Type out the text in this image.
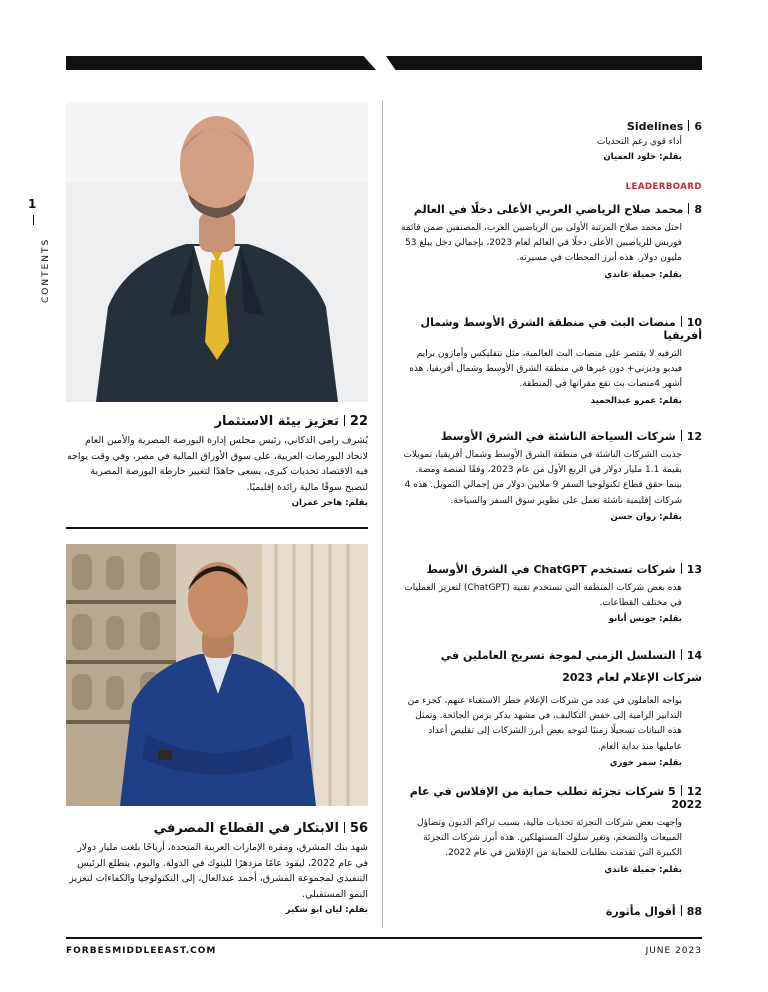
1
CONTENTS
22تعزيز بيئة الاستثمار

يُشرف رامي الدكاني، رئيس مجلس إدارة البورصة المصرية والأمين العام لاتحاد البورصات العربية، على سوق الأوراق المالية في مصر، وفي وقت يواجه فيه الاقتصاد تحديات كبرى، يسعى جاهدًا لتغيير خارطة البورصة المصرية لتصبح سوقًا مالية رائدة إقليميًا.

بقلم: هاجر عمران
56الابتكار في القطاع المصرفي

شهد بنك المشرق، ومقره الإمارات العربية المتحدة، أرباحًا بلغت مليار دولار في عام 2022، ليقود عامًا مزدهرًا للبنوك في الدولة. واليوم، يتطلع الرئيس التنفيذي لمجموعة المشرق، أحمد عبدالعال، إلى التكنولوجيا والكفاءات لتعزيز النمو المستقبلي.

بقلم: ليان ابو شكير
6Sidelines

أداء قوي رغم التحديات

بقلم: خلود العميان
LEADERBOARD
8محمد صلاح الرياضي العربي الأعلى دخلًا في العالم

احتل محمد صلاح المرتبة الأولى بين الرياضيين العرب، المصنفين ضمن قائمة فوربس للرياضيين الأعلى دخلًا في العالم لعام 2023، بإجمالي دخل يبلغ 53 مليون دولار. هذه أبرز المحطات في مسيرته.

بقلم: جميلة غاندي
10منصات البث في منطقة الشرق الأوسط وشمال أفريقيا

الترفيه لا يقتصر على منصات البث العالمية، مثل نتفليكس وأمازون برايم فيديو وديزني+ دون غيرها في منطقة الشرق الأوسط وشمال أفريقيا. هذه أشهر 4منصات بث تقع مقراتها في المنطقة.

بقلم: عمرو عبدالحميد
12شركات السياحة الناشئة في الشرق الأوسط

جذبت الشركات الناشئة في منطقة الشرق الأوسط وشمال أفريقيا، تمويلات بقيمة 1.1 مليار دولار في الربع الأول من عام 2023، وفقًا لمنصة ومضة. بينما حقق قطاع تكنولوجيا السفر 9 ملايين دولار من إجمالي التمويل. هذه 4 شركات إقليمية ناشئة تعمل على تطوير سوق السفر والسياحة.

بقلم: روان حسن
13شركات تستخدم ChatGPT في الشرق الأوسط

هذه بعض شركات المنطقة التي تستخدم تقنية (ChatGPT) لتعزيز العمليات في مختلف القطاعات.

بقلم: جويس أبانو
14التسلسل الزمني لموجة تسريح العاملين في شركات الإعلام لعام 2023

يواجه العاملون في عدد من شركات الإعلام خطر الاستغناء عنهم، كجزء من التدابير الرامية إلى خفض التكاليف، في مشهد يذكر بزمن الجائحة. وتمثل هذه البيانات تسجيلًا زمنيًا لتوجه بعض أبرز الشركات إلى تقليص أعداد عامليها منذ بداية العام.

بقلم: سمر خوري
125 شركات تجزئة تطلب حماية من الإفلاس في عام 2022

واجهت بعض شركات التجزئة تحديات مالية، بسبب تراكم الديون وتضاؤل المبيعات والتضخم، وتغير سلوك المستهلكين. هذه أبرز شركات التجزئة الكبيرة التي تقدمت بطلبات للحماية من الإفلاس في عام 2022.

بقلم: جميلة غاندي
88أقوال مأثورة
FORBESMIDDLEEAST.COM	JUNE 2023
